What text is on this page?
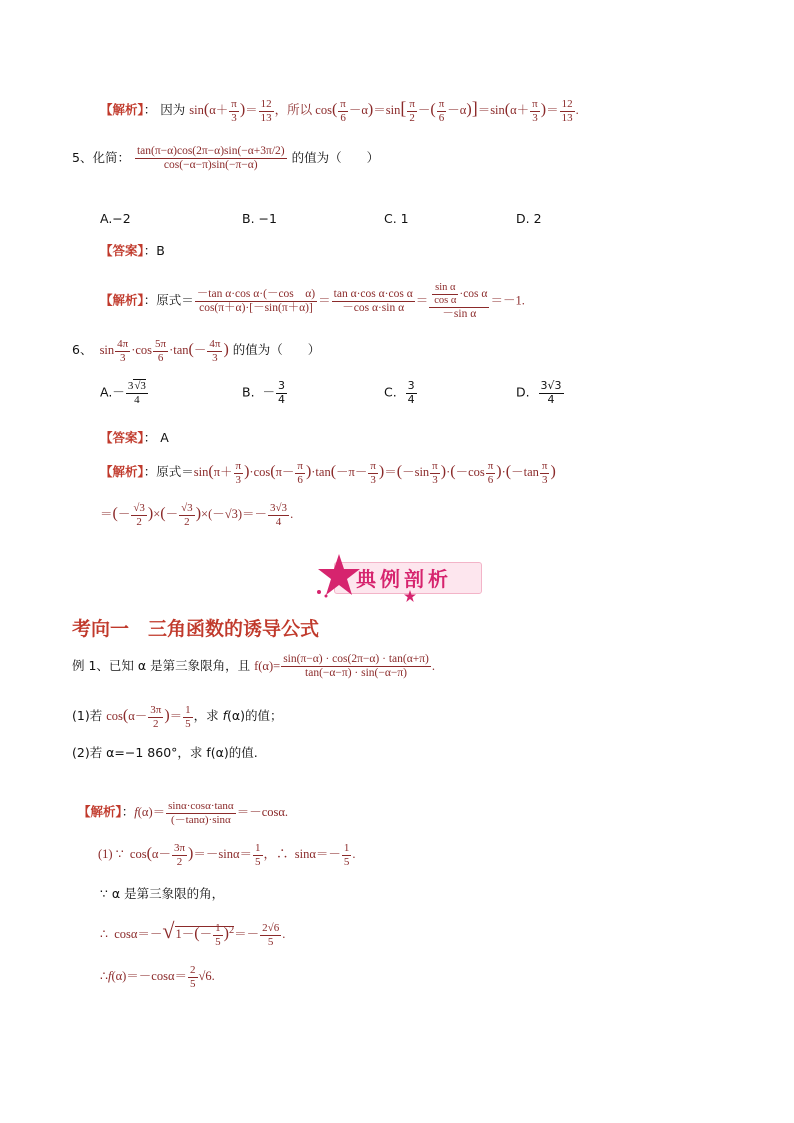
【解析】： 因为 $\sin(\alpha+ \frac{\pi}{3}$ )＝ $\frac{12}{13}$ ，所以 $\cos( \frac{\pi}{6} -\alpha)=\sin[ \frac{\pi}{2}$ －( $\frac{\pi}{6} -\alpha)]=\sin(\alpha+ \frac{\pi}{3}$ )＝ $\frac{12}{13}$ .
5、化简： $\frac{\tan(\pi-\alpha)\cos(2\pi-\alpha)\sin(-\alpha+3\pi/2)}{\cos(-\alpha-\pi)\sin(-\pi-\alpha)}$ 的值为（　　）
A.−2	B. −1	C. 1	D. 2
【答案】：B
【解析】：原式＝ $\frac{\text{－tan α·cos α·(－cos　α)}}{\cos(\pi+\alpha)\cdot[-\sin(\pi+\alpha)]} = \frac{\text{tan α·cos α·cos α}}{\text{－cos α·sin α}} = \frac{\frac{\text{sin α}}{\text{cos α}} \cdot\cos \alpha}{\text{－sin α}} =-1$.
6、  $\sin \frac{4\pi}{3} \cdot\cos \frac{5\pi}{6} \cdot\tan(- \frac{4\pi}{3}$ ) 的值为（　　）
$A.- \frac{3√3}{4}$	B.  － $\frac{3}{4}$	C. $\frac{3}{4}$	D. $\frac{3√3}{4}$
【答案】： A
【解析】：原式$=\sin(\pi+ \frac{\pi}{3} )\cdot\cos(\pi- \frac{\pi}{6} )\cdot\tan(-\pi- \frac{\pi}{3} )=(-\sin \frac{\pi}{3} )\cdot(-\cos \frac{\pi}{6} )\cdot(-\tan \frac{\pi}{3}$ )
＝(－ $\frac{√3}{2}$ )×(－ $\frac{√3}{2} )\times(-√3)=- \frac{3√3}{4}$ .
典例剖析
考向一　三角函数的诱导公式
例 1、已知 α 是第三象限角，且 $f(\alpha)= \frac{\sin(\pi-\alpha) \cdot \cos(2\pi-\alpha) \cdot \tan(\alpha+\pi)}{\tan(-\alpha-\pi) \cdot \sin(-\alpha-\pi)}$ .
(1)若 $\cos(\alpha- \frac{3\pi}{2}$ )＝ $\frac{1}{5}$ ，求 f(α)的值；
(2)若 α=−1 860°，求 f(α)的值.
【解析】：$f(\alpha)= \frac{\sin\alpha\cdot\cos\alpha\cdot\tan\alpha}{(-\tan\alpha)\cdot\sin\alpha} =-\cos\alpha$.
(1) ∵  $\cos(\alpha- \frac{3\pi}{2} )=-\sin\alpha= \frac{1}{5}$ ，∴  $\sin\alpha=- \frac{1}{5}$ .
∵ α 是第三象限的角，
∴  $\cos\alpha=-√1-(- \frac{1}{5} )^2=- \frac{2√6}{5}$ .
∴f(α)＝－cosα＝ $\frac{2}{5} √6$.
